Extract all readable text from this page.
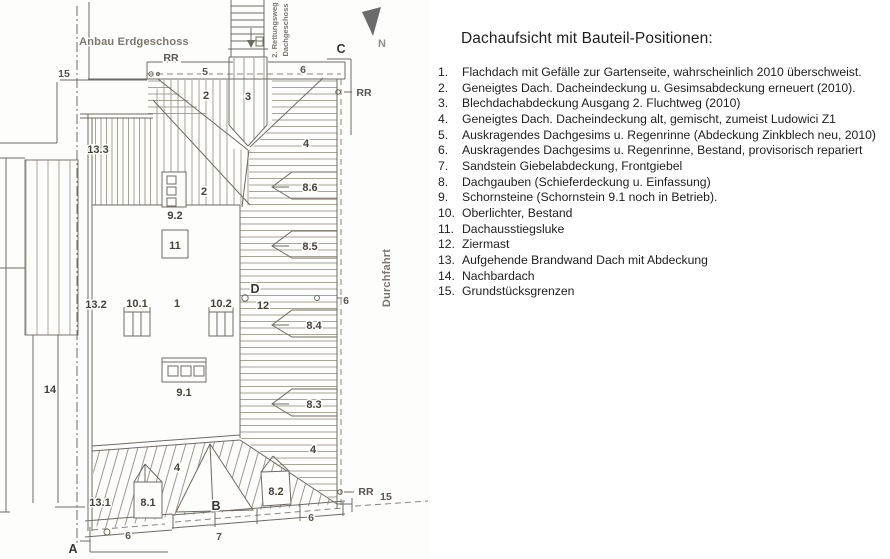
Anbau Erdgeschoss	2. Rettungsweg Dachgeschoss
Durchfahrt
N
C
D
B
A
RR
RR
RR
15
15
5	6
6
6
6
7
2
2
3
4
4
4
8.6
8.5
8.4
8.3
8.1
8.2
9.2
9.1
10.1	10.2
1
11
12
13.3
13.2
13.1
14
Dachaufsicht mit Bauteil-Positionen:
1.	Flachdach mit Gefälle zur Gartenseite, wahrscheinlich 2010 überschweist.
2.	Geneigtes Dach. Dacheindeckung u. Gesimsabdeckung erneuert (2010).
3.	Blechdachabdeckung Ausgang 2. Fluchtweg (2010)
4.	Geneigtes Dach. Dacheindeckung alt, gemischt, zumeist Ludowici Z1
5.	Auskragendes Dachgesims u. Regenrinne (Abdeckung Zinkblech neu, 2010)
6.	Auskragendes Dachgesims u. Regenrinne, Bestand, provisorisch repariert
7.	Sandstein Giebelabdeckung, Frontgiebel
8.	Dachgauben (Schieferdeckung u. Einfassung)
9.	Schornsteine (Schornstein 9.1 noch in Betrieb).
10. Oberlichter, Bestand
11. Dachausstiegsluke
12. Ziermast
13. Aufgehende Brandwand Dach mit Abdeckung
14. Nachbardach
15. Grundstücksgrenzen
